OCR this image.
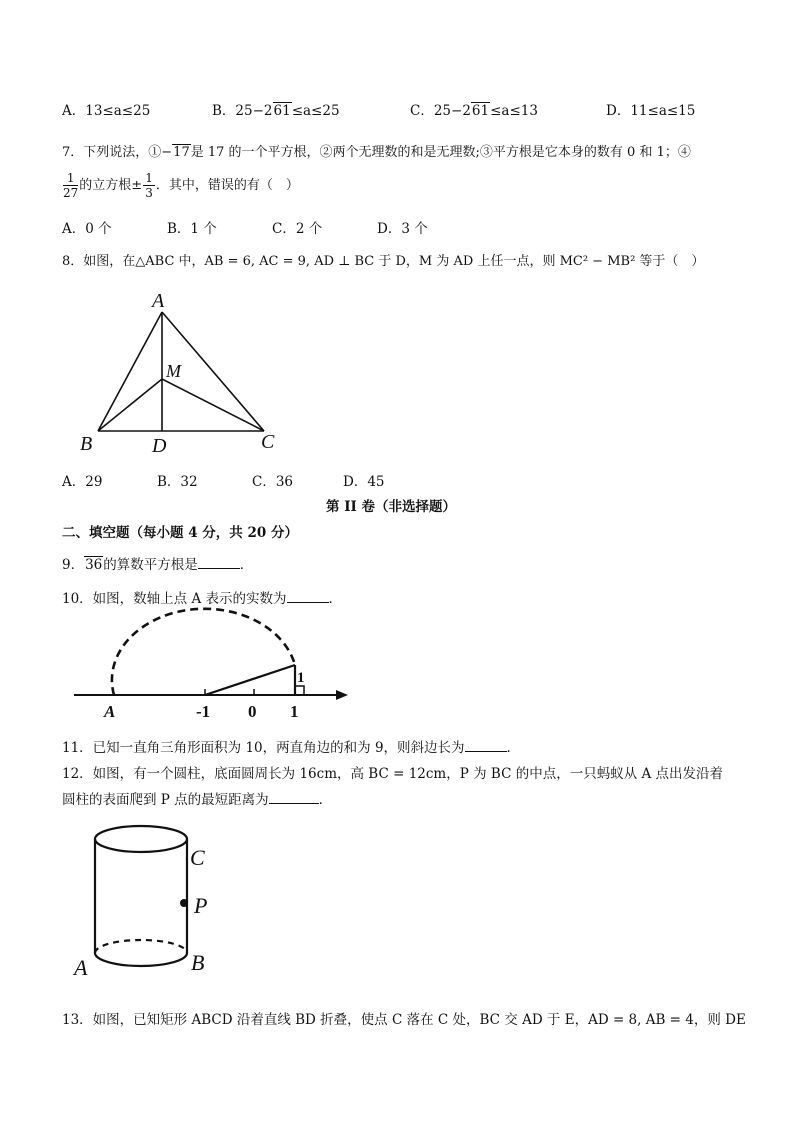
A．13≤a≤25	B．25−261≤a≤25	C．25−261≤a≤13	D．11≤a≤15
7．下列说法，①−17是 17 的一个平方根，②两个无理数的和是无理数;③平方根是它本身的数有 0 和 1；④
$\frac{1}{27}$ 的立方根± $\frac{1}{3}$ ．其中，错误的有（　）
A．0 个	B．1 个	C．2 个	D．3 个
8．如图，在△ABC 中，AB = 6, AC = 9, AD ⊥ BC 于 D，M 为 AD 上任一点，则 MC² − MB² 等于（　）
A
B	C
D
M
A．29	B．32	C．36	D．45
第 II 卷（非选择题）
二、填空题（每小题 4 分，共 20 分）
9．36的算数平方根是	．
10．如图，数轴上点 A 表示的实数为	．
A	-1 0 1
1
11．已知一直角三角形面积为 10，两直角边的和为 9，则斜边长为	．
12．如图，有一个圆柱，底面圆周长为 16cm，高 BC = 12cm，P 为 BC 的中点，一只蚂蚁从 A 点出发沿着
圆柱的表面爬到 P 点的最短距离为	．
C
P
A	B
13．如图，已知矩形 ABCD 沿着直线 BD 折叠，使点 C 落在 C 处，BC 交 AD 于 E，AD = 8, AB = 4，则 DE
